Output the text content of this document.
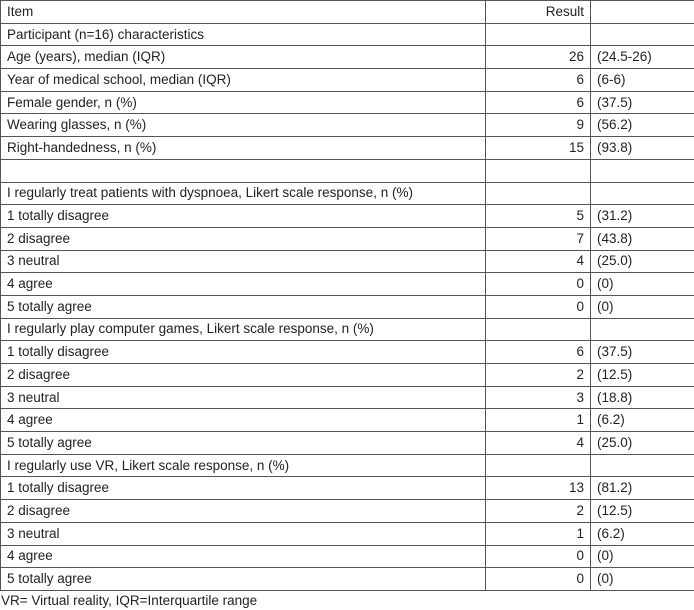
Item	Result	
Participant (n=16) characteristics		
Age (years), median (IQR)	26	(24.5-26)
Year of medical school, median (IQR)	6	(6-6)
Female gender, n (%)	6	(37.5)
Wearing glasses, n (%)	9	(56.2)
Right-handedness, n (%)	15	(93.8)

I regularly treat patients with dyspnoea, Likert scale response, n (%)		
1 totally disagree	5	(31.2)
2 disagree	7	(43.8)
3 neutral	4	(25.0)
4 agree	0	(0)
5 totally agree	0	(0)
I regularly play computer games, Likert scale response, n (%)		
1 totally disagree	6	(37.5)
2 disagree	2	(12.5)
3 neutral	3	(18.8)
4 agree	1	(6.2)
5 totally agree	4	(25.0)
I regularly use VR, Likert scale response, n (%)		
1 totally disagree	13	(81.2)
2 disagree	2	(12.5)
3 neutral	1	(6.2)
4 agree	0	(0)
5 totally agree	0	(0)
VR= Virtual reality, IQR=Interquartile range
